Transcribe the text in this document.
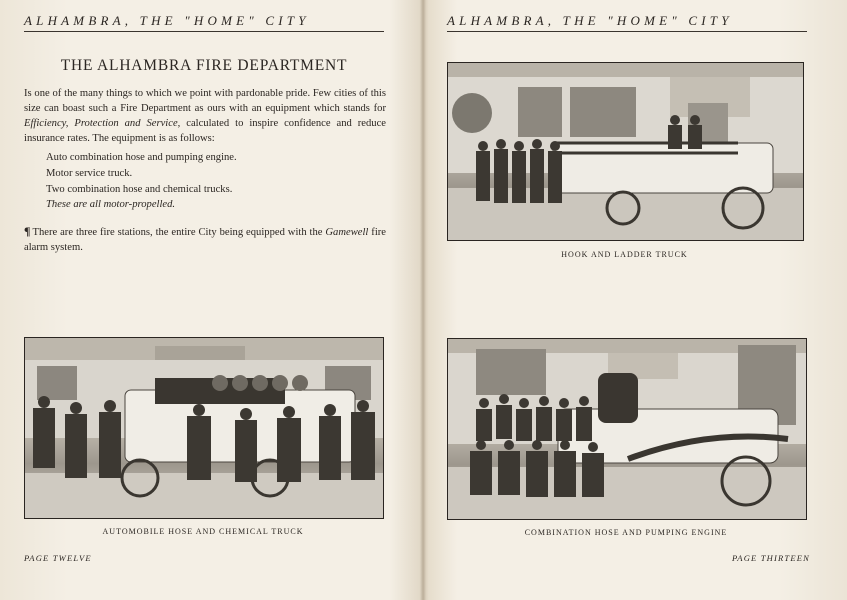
ALHAMBRA, THE "HOME" CITY
THE ALHAMBRA FIRE DEPARTMENT
Is one of the many things to which we point with pardonable pride. Few cities of this size can boast such a Fire Department as ours with an equipment which stands for Efficiency, Protection and Service, calculated to inspire confidence and reduce insurance rates. The equipment is as follows:
Auto combination hose and pumping engine.
Motor service truck.
Two combination hose and chemical trucks.
These are all motor-propelled.
¶ There are three fire stations, the entire City being equipped with the Gamewell fire alarm system.
AUTOMOBILE HOSE AND CHEMICAL TRUCK
PAGE TWELVE
ALHAMBRA, THE "HOME" CITY
HOOK AND LADDER TRUCK
COMBINATION HOSE AND PUMPING ENGINE
PAGE THIRTEEN
